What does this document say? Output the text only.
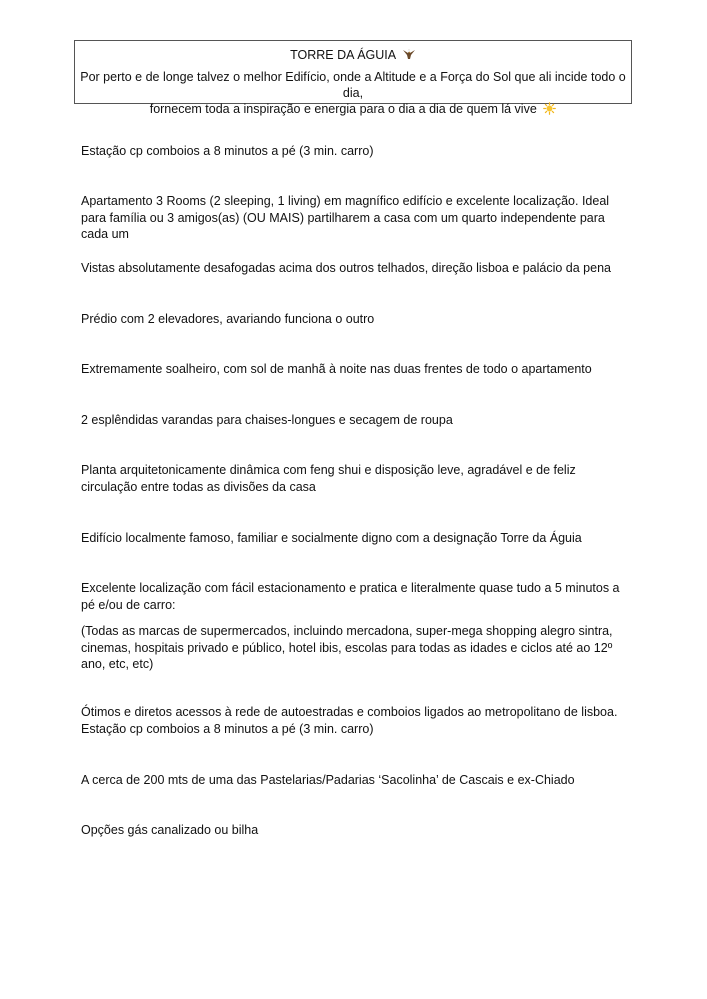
TORRE DA ÁGUIA
Por perto e de longe talvez o melhor Edifício, onde a Altitude e a Força do Sol que ali incide todo o dia,
fornecem toda a inspiração e energia para o dia a dia de quem lá vive

Estação cp comboios a 8 minutos a pé (3 min. carro)

Apartamento 3 Rooms (2 sleeping, 1 living) em magnífico edifício e excelente localização. Ideal para família ou 3 amigos(as) (OU MAIS) partilharem a casa com um quarto independente para cada um

Vistas absolutamente desafogadas acima dos outros telhados, direção lisboa e palácio da pena

Prédio com 2 elevadores, avariando funciona o outro

Extremamente soalheiro, com sol de manhã à noite nas duas frentes de todo o apartamento

2 esplêndidas varandas para chaises-longues e secagem de roupa

Planta arquitetonicamente dinâmica com feng shui e disposição leve, agradável e de feliz circulação entre todas as divisões da casa

Edifício localmente famoso, familiar e socialmente digno com a designação Torre da Águia

Excelente localização com fácil estacionamento e pratica e literalmente quase tudo a 5 minutos a pé e/ou de carro:

(Todas as marcas de supermercados, incluindo mercadona, super-mega shopping alegro sintra, cinemas, hospitais privado e público, hotel ibis, escolas para todas as idades e ciclos até ao 12º ano, etc, etc)

Ótimos e diretos acessos à rede de autoestradas e comboios ligados ao metropolitano de lisboa. Estação cp comboios a 8 minutos a pé (3 min. carro)

A cerca de 200 mts de uma das Pastelarias/Padarias ‘Sacolinha’ de Cascais e ex-Chiado

Opções gás canalizado ou bilha
